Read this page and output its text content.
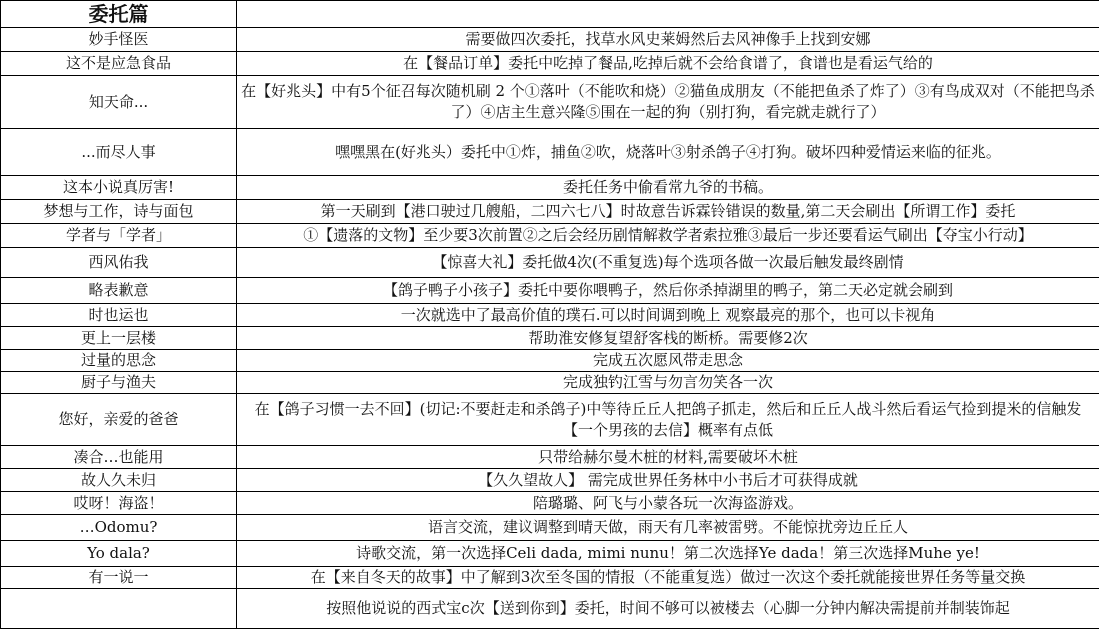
委托篇	
妙手怪医	需要做四次委托，找草水风史莱姆然后去风神像手上找到安娜
这不是应急食品	在【餐品订单】委托中吃掉了餐品,吃掉后就不会给食谱了，食谱也是看运气给的
知天命...	在【好兆头】中有5个征召每次随机刷 2 个①落叶（不能吹和烧）②猫鱼成朋友（不能把鱼杀了炸了）③有鸟成双对（不能把鸟杀了）④店主生意兴隆⑤围在一起的狗（别打狗，看完就走就行了）
...而尽人事	嘿嘿黑在(好兆头）委托中①炸，捕鱼②吹，烧落叶③射杀鸽子④打狗。破坏四种爱情运来临的征兆。
这本小说真厉害!	委托任务中偷看常九爷的书稿。
梦想与工作，诗与面包	第一天刷到【港口驶过几艘船，二四六七八】时故意告诉霖铃错误的数量,第二天会刷出【所谓工作】委托
学者与「学者」	①【遗落的文物】至少要3次前置②之后会经历剧情解救学者索拉雅③最后一步还要看运气刷出【夺宝小行动】
西风佑我	【惊喜大礼】委托做4次(不重复选)每个选项各做一次最后触发最终剧情
略表歉意	【鸽子鸭子小孩子】委托中要你喂鸭子，然后你杀掉湖里的鸭子，第二天必定就会刷到
时也运也	一次就选中了最高价值的璞石.可以时间调到晚上 观察最亮的那个，也可以卡视角
更上一层楼	帮助淮安修复望舒客栈的断桥。需要修2次
过量的思念	完成五次愿风带走思念
厨子与渔夫	完成独钓江雪与勿言勿笑各一次
您好，亲爱的爸爸	在【鸽子习惯一去不回】(切记:不要赶走和杀鸽子)中等待丘丘人把鸽子抓走，然后和丘丘人战斗然后看运气捡到提米的信触发【一个男孩的去信】概率有点低
凑合…也能用	只带给赫尔曼木桩的材料,需要破坏木桩
故人久未归	【久久望故人】 需完成世界任务林中小书后才可获得成就
哎呀！海盗！	陪璐璐、阿飞与小蒙各玩一次海盗游戏。
…Odomu?	语言交流，建议调整到晴天做，雨天有几率被雷劈。不能惊扰旁边丘丘人
Yo dala?	诗歌交流，第一次选择Celi dada, mimi nunu！第二次选择Ye dada！第三次选择Muhe ye!
有一说一	在【来自冬天的故事】中了解到3次至冬国的情报（不能重复选）做过一次这个委托就能接世界任务等量交换
	按照他说说的西式宝c次【送到你到】委托，时间不够可以被楼去（心脚一分钟内解决需提前并制装饰起
